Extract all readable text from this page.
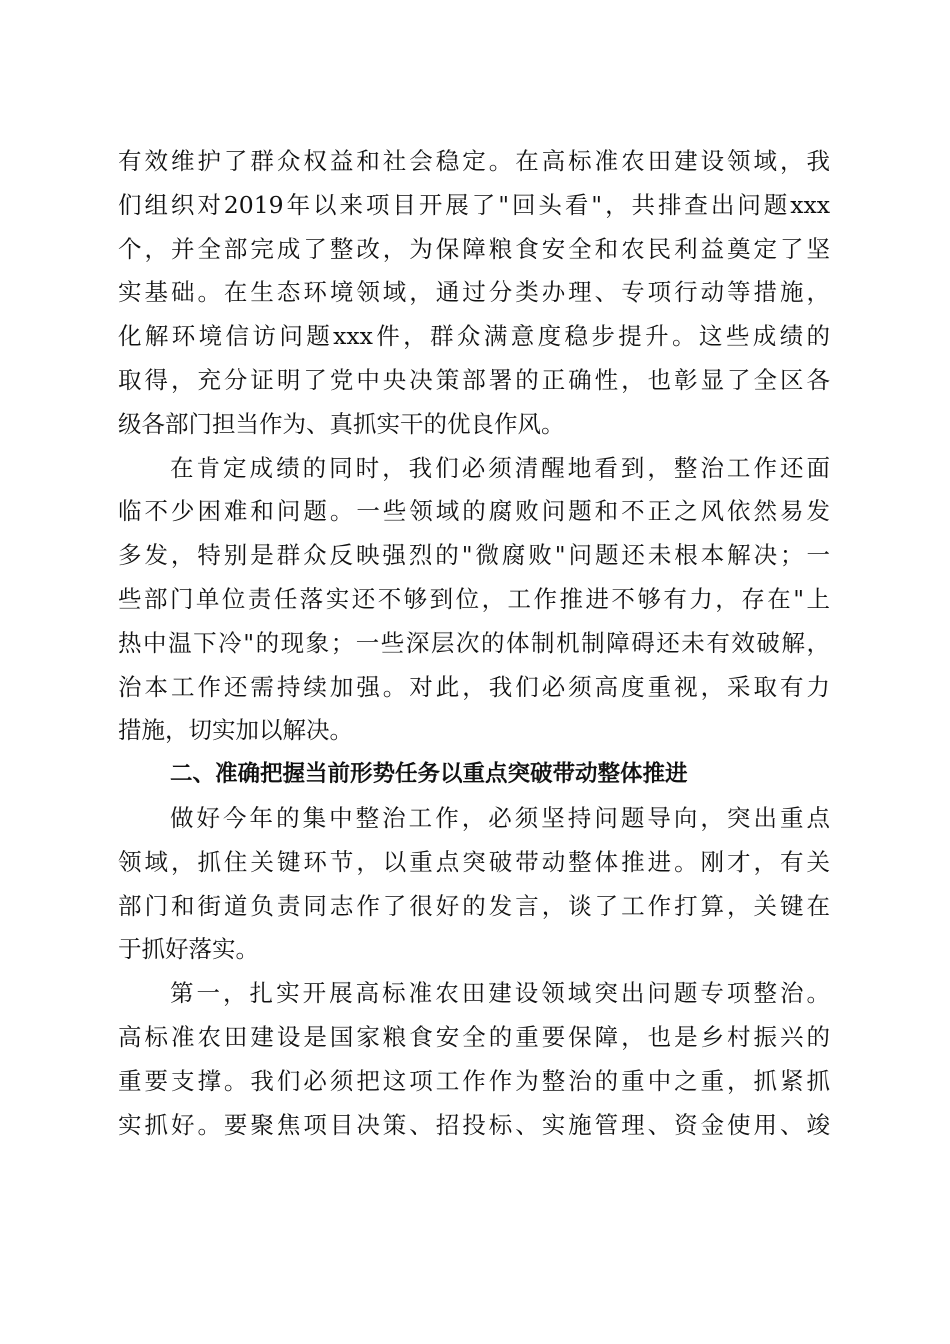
有效维护了群众权益和社会稳定。在高标准农田建设领域，我
们组织对2019年以来项目开展了"回头看"，共排查出问题xxx
个，并全部完成了整改，为保障粮食安全和农民利益奠定了坚
实基础。在生态环境领域，通过分类办理、专项行动等措施，
化解环境信访问题xxx件，群众满意度稳步提升。这些成绩的
取得，充分证明了党中央决策部署的正确性，也彰显了全区各
级各部门担当作为、真抓实干的优良作风。
在肯定成绩的同时，我们必须清醒地看到，整治工作还面
临不少困难和问题。一些领域的腐败问题和不正之风依然易发
多发，特别是群众反映强烈的"微腐败"问题还未根本解决；一
些部门单位责任落实还不够到位，工作推进不够有力，存在"上
热中温下冷"的现象；一些深层次的体制机制障碍还未有效破解，
治本工作还需持续加强。对此，我们必须高度重视，采取有力
措施，切实加以解决。
二、准确把握当前形势任务以重点突破带动整体推进
做好今年的集中整治工作，必须坚持问题导向，突出重点
领域，抓住关键环节，以重点突破带动整体推进。刚才，有关
部门和街道负责同志作了很好的发言，谈了工作打算，关键在
于抓好落实。
第一，扎实开展高标准农田建设领域突出问题专项整治。
高标准农田建设是国家粮食安全的重要保障，也是乡村振兴的
重要支撑。我们必须把这项工作作为整治的重中之重，抓紧抓
实抓好。要聚焦项目决策、招投标、实施管理、资金使用、竣
